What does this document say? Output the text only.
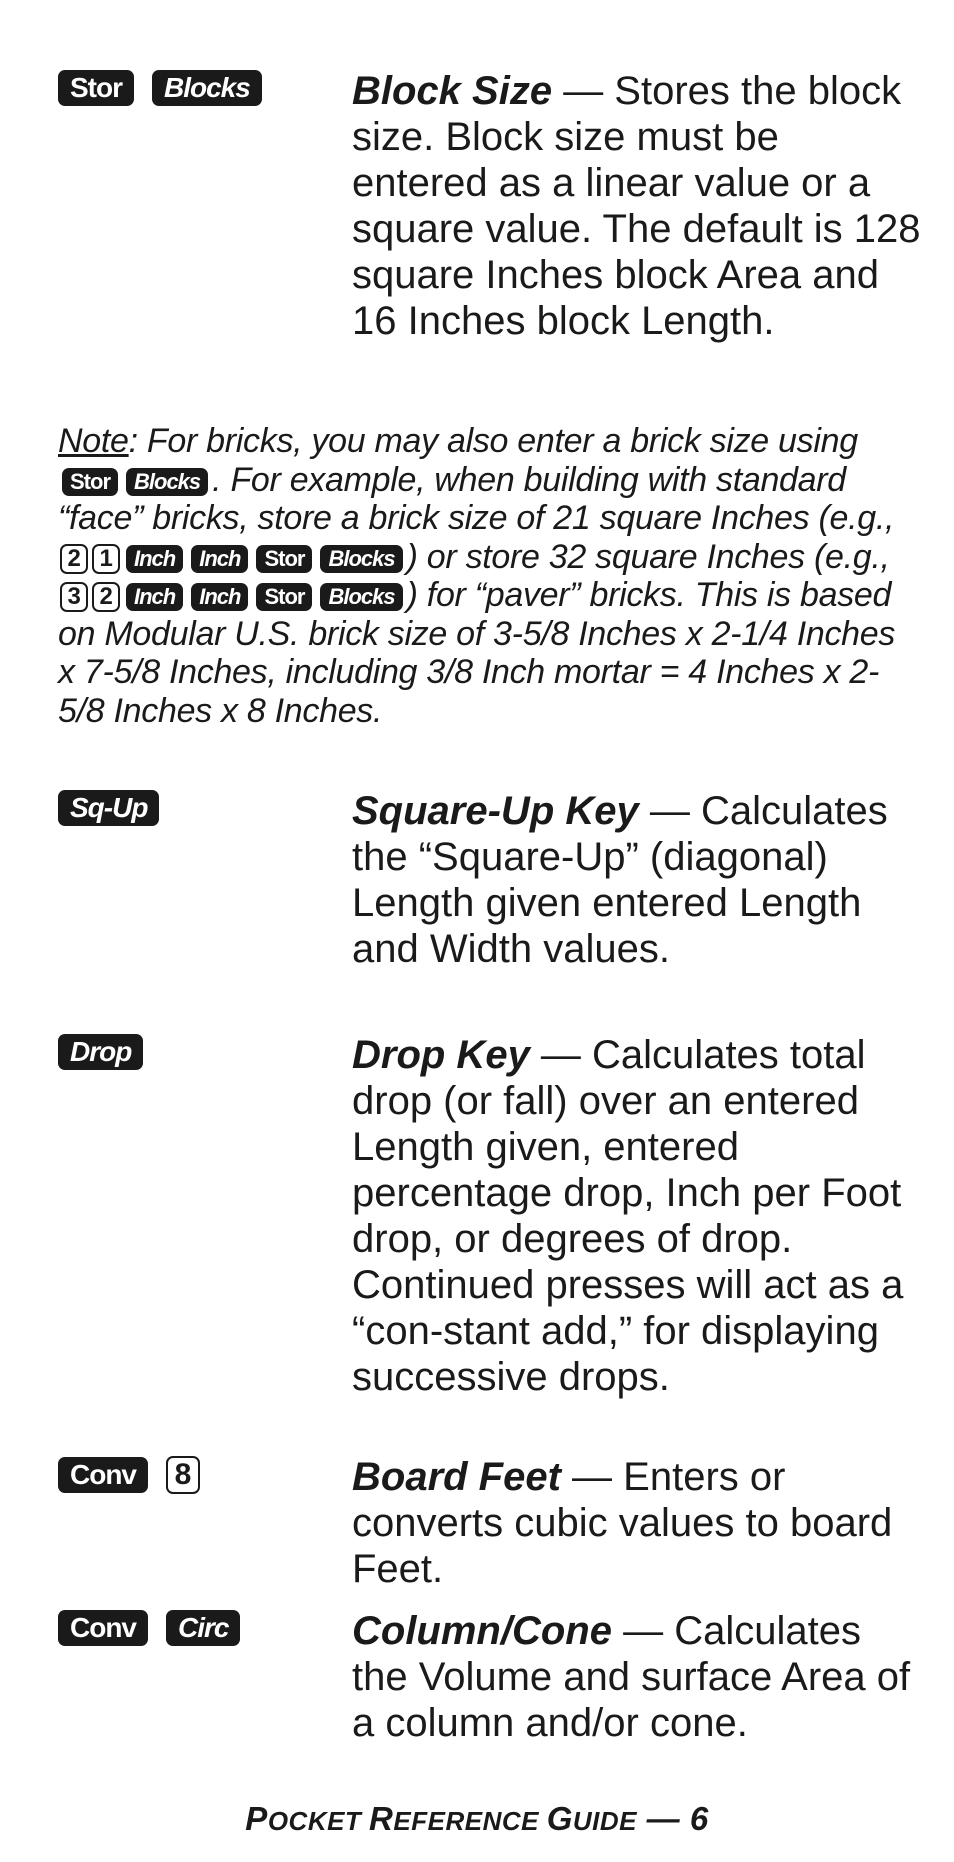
Stor Blocks	Block Size — Stores the block size. Block size must be entered as a linear value or a square value. The default is 128 square Inches block Area and 16 Inches block Length.
Note: For bricks, you may also enter a brick size using Stor Blocks . For example, when building with standard “face” bricks, store a brick size of 21 square Inches (e.g., 2 1 Inch Inch Stor Blocks ) or store 32 square Inches (e.g., 3 2 Inch Inch Stor Blocks ) for “paver” bricks. This is based on Modular U.S. brick size of 3-5/8 Inches x 2-1/4 Inches x 7-5/8 Inches, including 3/8 Inch mortar = 4 Inches x 2-5/8 Inches x 8 Inches.
Sq-Up	Square-Up Key — Calculates the “Square-Up” (diagonal) Length given entered Length and Width values.
Drop	Drop Key — Calculates total drop (or fall) over an entered Length given, entered percentage drop, Inch per Foot drop, or degrees of drop. Continued presses will act as a “con-stant add,” for displaying successive drops.
Conv 8	Board Feet — Enters or converts cubic values to board Feet.
Conv Circ	Column/Cone — Calculates the Volume and surface Area of a column and/or cone.
POCKET REFERENCE GUIDE — 6
